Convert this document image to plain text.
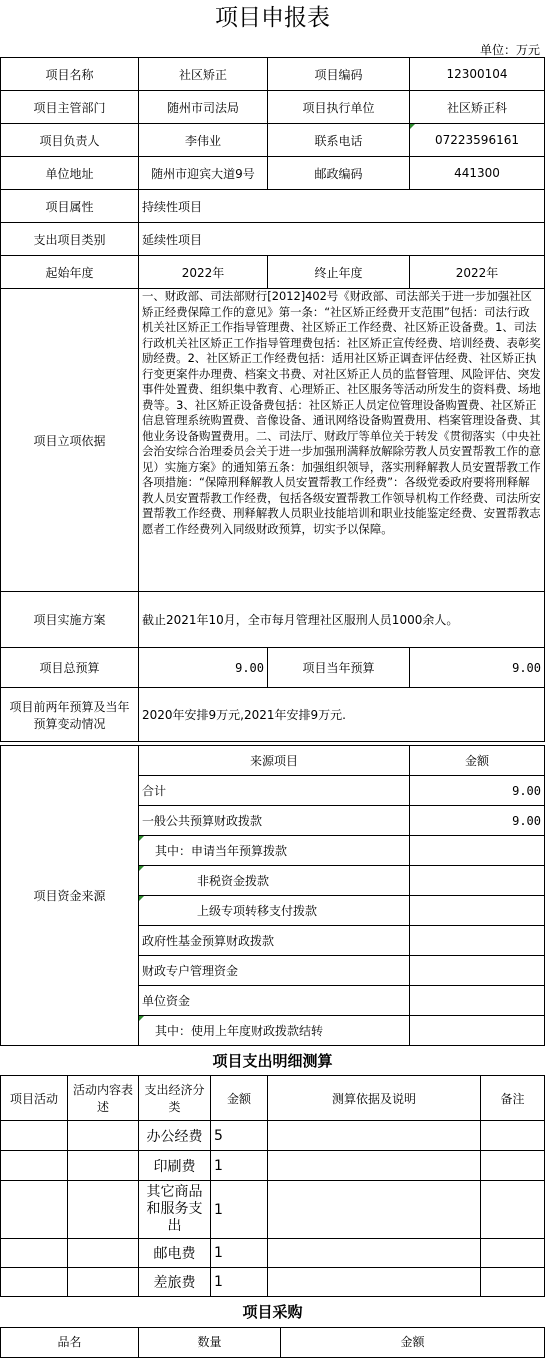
项目申报表
单位：万元
项目名称	社区矫正	项目编码	12300104
项目主管部门	随州市司法局	项目执行单位	社区矫正科
项目负责人	李伟业	联系电话	07223596161
单位地址	随州市迎宾大道9号	邮政编码	441300
项目属性	持续性项目		
支出项目类别	延续性项目		
起始年度	2022年	终止年度	2022年
项目立项依据	一、财政部、司法部财行[2012]402号《财政部、司法部关于进一步加强社区矫正经费保障工作的意见》第一条：“社区矫正经费开支范围”包括：司法行政机关社区矫正工作指导管理费、社区矫正工作经费、社区矫正设备费。1、司法行政机关社区矫正工作指导管理费包括：社区矫正宣传经费、培训经费、表彰奖励经费。2、社区矫正工作经费包括：适用社区矫正调查评估经费、社区矫正执行变更案件办理费、档案文书费、对社区矫正人员的监督管理、风险评估、突发事件处置费、组织集中教育、心理矫正、社区服务等活动所发生的资料费、场地费等。3、社区矫正设备费包括：社区矫正人员定位管理设备购置费、社区矫正信息管理系统购置费、音像设备、通讯网络设备购置费用、档案管理设备费、其他业务设备购置费用。二、司法厅、财政厅等单位关于转发《贯彻落实（中央社会治安综合治理委员会关于进一步加强刑满释放解除劳教人员安置帮教工作的意见）实施方案》的通知第五条：加强组织领导，落实刑释解教人员安置帮教工作各项措施：“保障刑释解教人员安置帮教工作经费”：各级党委政府要将刑释解教人员安置帮教工作经费，包括各级安置帮教工作领导机构工作经费、司法所安置帮教工作经费、刑释解教人员职业技能培训和职业技能鉴定经费、安置帮教志愿者工作经费列入同级财政预算，切实予以保障。		
项目实施方案	截止2021年10月，全市每月管理社区服刑人员1000余人。		
项目总预算	9.00	项目当年预算	9.00
项目前两年预算及当年预算变动情况	2020年安排9万元,2021年安排9万元.		
项目资金来源	来源项目	金额
	合计	9.00
	一般公共预算财政拨款	9.00
	其中：申请当年预算拨款	
	非税资金拨款	
	上级专项转移支付拨款	
	政府性基金预算财政拨款	
	财政专户管理资金	
	单位资金	
	其中：使用上年度财政拨款结转	
项目支出明细测算
项目活动	活动内容表述	支出经济分类	金额	测算依据及说明	备注
		办公经费	5		
		印刷费	1		
		其它商品和服务支出	1		
		邮电费	1		
		差旅费	1		
项目采购
品名	数量	金额
